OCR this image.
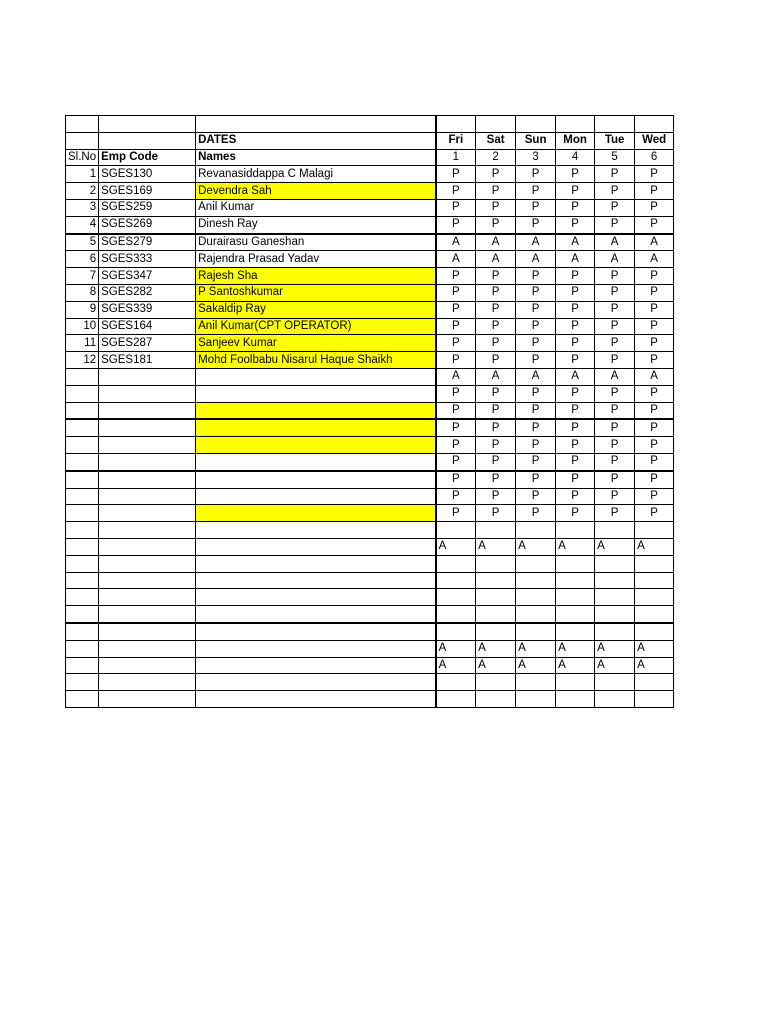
		DATES	Fri	Sat	Sun	Mon	Tue	Wed
Sl.No	Emp Code	Names	1	2	3	4	5	6
1	SGES130	Revanasiddappa C Malagi	P	P	P	P	P	P
2	SGES169	Devendra Sah	P	P	P	P	P	P
3	SGES259	Anil Kumar	P	P	P	P	P	P
4	SGES269	Dinesh Ray	P	P	P	P	P	P
5	SGES279	Durairasu Ganeshan	A	A	A	A	A	A
6	SGES333	Rajendra Prasad Yadav	A	A	A	A	A	A
7	SGES347	Rajesh Sha	P	P	P	P	P	P
8	SGES282	P Santoshkumar	P	P	P	P	P	P
9	SGES339	Sakaldip Ray	P	P	P	P	P	P
10	SGES164	Anil Kumar(CPT OPERATOR)	P	P	P	P	P	P
11	SGES287	Sanjeev Kumar	P	P	P	P	P	P
12	SGES181	Mohd Foolbabu Nisarul Haque Shaikh	P	P	P	P	P	P
			A	A	A	A	A	A
			P	P	P	P	P	P
			P	P	P	P	P	P
			P	P	P	P	P	P
			P	P	P	P	P	P
			P	P	P	P	P	P
			P	P	P	P	P	P
			P	P	P	P	P	P
			P	P	P	P	P	P

			A	A	A	A	A	A

			A	A	A	A	A	A
			A	A	A	A	A	A
